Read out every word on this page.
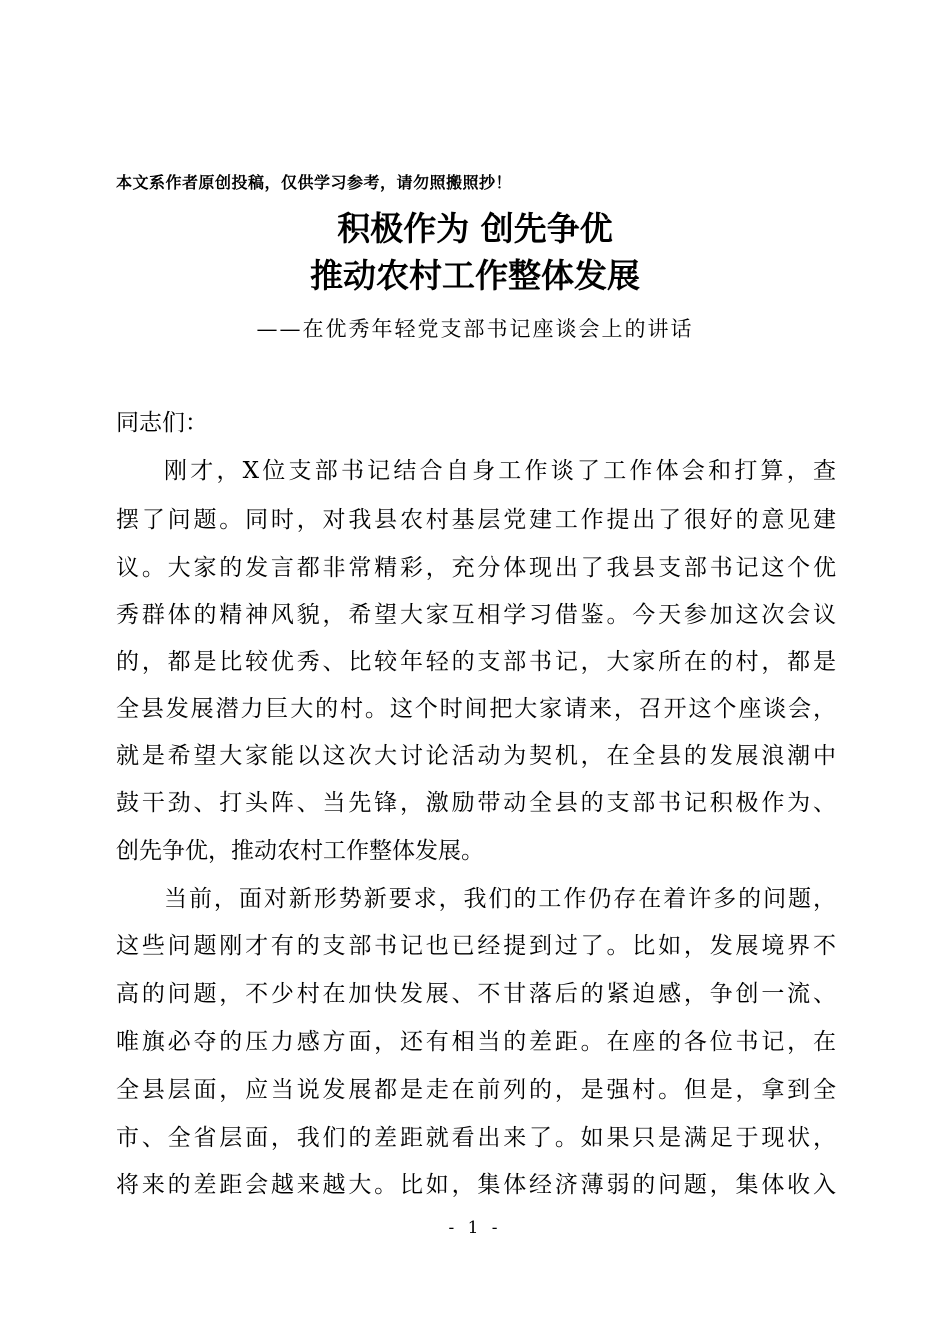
本文系作者原创投稿，仅供学习参考，请勿照搬照抄！
积极作为 创先争优
推动农村工作整体发展
——在优秀年轻党支部书记座谈会上的讲话
同志们：
刚才，X位支部书记结合自身工作谈了工作体会和打算，查
摆了问题。同时，对我县农村基层党建工作提出了很好的意见建
议。大家的发言都非常精彩，充分体现出了我县支部书记这个优
秀群体的精神风貌，希望大家互相学习借鉴。今天参加这次会议
的，都是比较优秀、比较年轻的支部书记，大家所在的村，都是
全县发展潜力巨大的村。这个时间把大家请来，召开这个座谈会，
就是希望大家能以这次大讨论活动为契机，在全县的发展浪潮中
鼓干劲、打头阵、当先锋，激励带动全县的支部书记积极作为、
创先争优，推动农村工作整体发展。
当前，面对新形势新要求，我们的工作仍存在着许多的问题，
这些问题刚才有的支部书记也已经提到过了。比如，发展境界不
高的问题，不少村在加快发展、不甘落后的紧迫感，争创一流、
唯旗必夺的压力感方面，还有相当的差距。在座的各位书记，在
全县层面，应当说发展都是走在前列的，是强村。但是，拿到全
市、全省层面，我们的差距就看出来了。如果只是满足于现状，
将来的差距会越来越大。比如，集体经济薄弱的问题，集体收入
- 1 -
